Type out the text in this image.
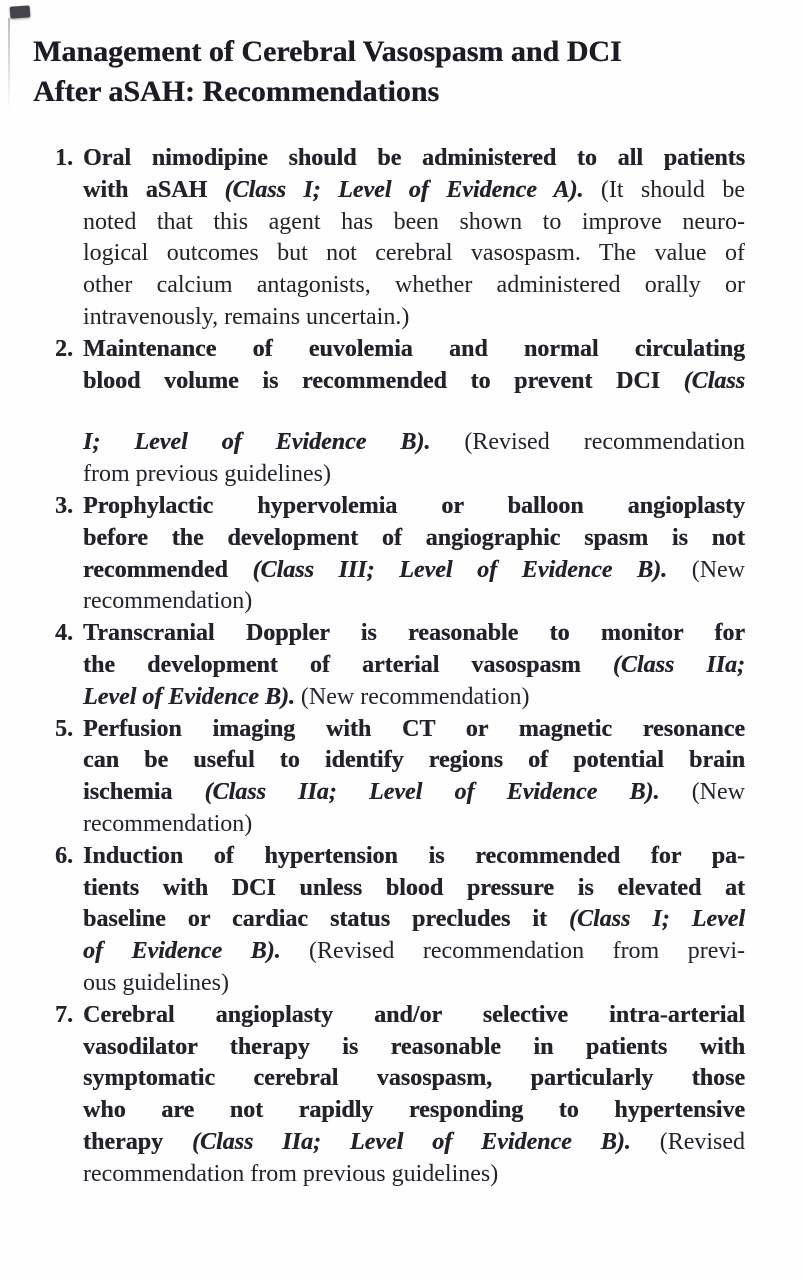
Management of Cerebral Vasospasm and DCI
After aSAH: Recommendations
1. Oral nimodipine should be administered to all patients
with aSAH (Class I; Level of Evidence A). (It should be
noted that this agent has been shown to improve neuro-
logical outcomes but not cerebral vasospasm. The value of
other calcium antagonists, whether administered orally or
intravenously, remains uncertain.)
2. Maintenance of euvolemia and normal circulating
blood volume is recommended to prevent DCI (Class
I; Level of Evidence B). (Revised recommendation
from previous guidelines)
3. Prophylactic hypervolemia or balloon angioplasty
before the development of angiographic spasm is not
recommended (Class III; Level of Evidence B). (New
recommendation)
4. Transcranial Doppler is reasonable to monitor for
the development of arterial vasospasm (Class IIa;
Level of Evidence B). (New recommendation)
5. Perfusion imaging with CT or magnetic resonance
can be useful to identify regions of potential brain
ischemia (Class IIa; Level of Evidence B). (New
recommendation)
6. Induction of hypertension is recommended for pa-
tients with DCI unless blood pressure is elevated at
baseline or cardiac status precludes it (Class I; Level
of Evidence B). (Revised recommendation from previ-
ous guidelines)
7. Cerebral angioplasty and/or selective intra-arterial
vasodilator therapy is reasonable in patients with
symptomatic cerebral vasospasm, particularly those
who are not rapidly responding to hypertensive
therapy (Class IIa; Level of Evidence B). (Revised
recommendation from previous guidelines)
